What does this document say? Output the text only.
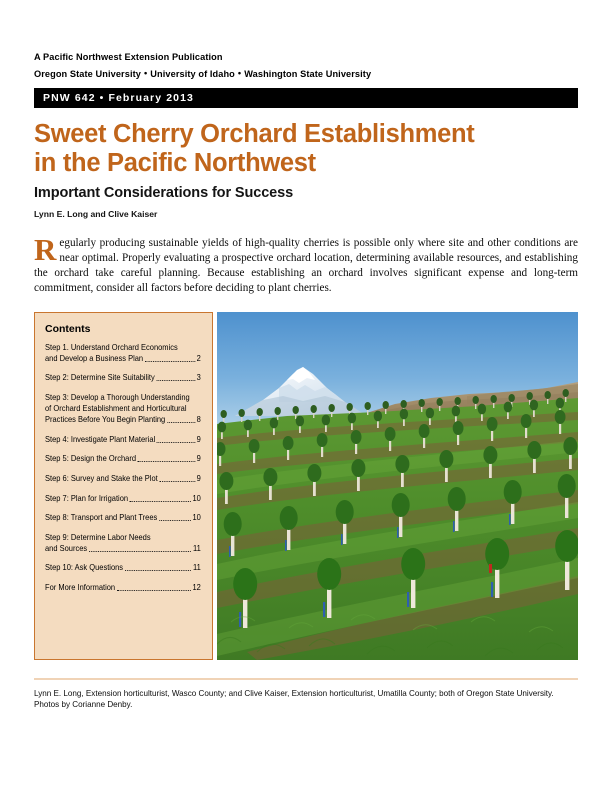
A Pacific Northwest Extension Publication
Oregon State University • University of Idaho • Washington State University
PNW 642 • February 2013
Sweet Cherry Orchard Establishment
in the Pacific Northwest
Important Considerations for Success
Lynn E. Long and Clive Kaiser

Regularly producing sustainable yields of high-quality cherries is possible only where site and other conditions are near optimal. Properly evaluating a prospective orchard location, determining available resources, and establishing the orchard take careful planning. Because establishing an orchard involves significant expense and long-term commitment, consider all factors before deciding to plant cherries.

Contents
Step 1. Understand Orchard Economics
and Develop a Business Plan	2
Step 2: Determine Site Suitability	3
Step 3: Develop a Thorough Understanding
of Orchard Establishment and Horticultural
Practices Before You Begin Planting	8
Step 4: Investigate Plant Material	9
Step 5: Design the Orchard	9
Step 6: Survey and Stake the Plot	9
Step 7: Plan for Irrigation	10
Step 8: Transport and Plant Trees	10
Step 9: Determine Labor Needs
and Sources	11
Step 10: Ask Questions	11
For More Information	12
Lynn E. Long, Extension horticulturist, Wasco County; and Clive Kaiser, Extension horticulturist, Umatilla County; both of Oregon State University.
Photos by Corianne Denby.
